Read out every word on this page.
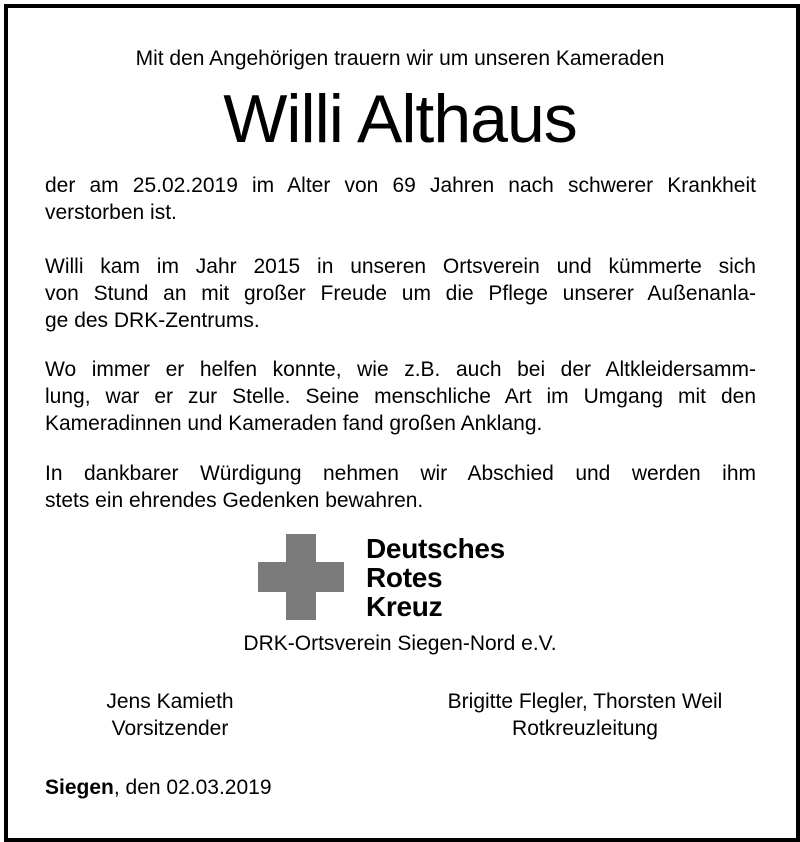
Mit den Angehörigen trauern wir um unseren Kameraden
Willi Althaus
der am 25.02.2019 im Alter von 69 Jahren nach schwerer Krankheit
verstorben ist.
Willi kam im Jahr 2015 in unseren Ortsverein und kümmerte sich
von Stund an mit großer Freude um die Pflege unserer Außenanla-
ge des DRK-Zentrums.
Wo immer er helfen konnte, wie z.B. auch bei der Altkleidersamm-
lung, war er zur Stelle. Seine menschliche Art im Umgang mit den
Kameradinnen und Kameraden fand großen Anklang.
In dankbarer Würdigung nehmen wir Abschied und werden ihm
stets ein ehrendes Gedenken bewahren.
Deutsches
Rotes
Kreuz
DRK-Ortsverein Siegen-Nord e.V.
Jens Kamieth
Vorsitzender
Brigitte Flegler, Thorsten Weil
Rotkreuzleitung
Siegen, den 02.03.2019
